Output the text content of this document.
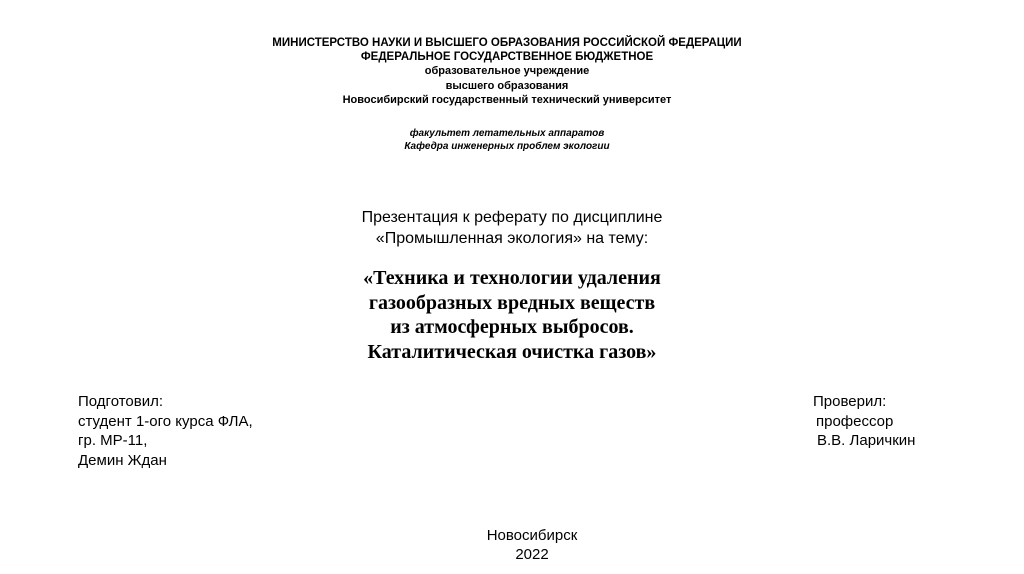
МИНИСТЕРСТВО НАУКИ И ВЫСШЕГО ОБРАЗОВАНИЯ РОССИЙСКОЙ ФЕДЕРАЦИИ
ФЕДЕРАЛЬНОЕ ГОСУДАРСТВЕННОЕ БЮДЖЕТНОЕ
образовательное учреждение
высшего образования
Новосибирский государственный технический университет
факультет летательных аппаратов
Кафедра инженерных проблем экологии
Презентация к реферату по дисциплине
«Промышленная экология» на тему:
«Техника и технологии удаления
газообразных вредных веществ
из атмосферных выбросов.
Каталитическая очистка газов»
Подготовил:
студент 1-ого курса ФЛА,
гр. МР-11,
Демин Ждан
Проверил:
профессор
В.В. Ларичкин
Новосибирск
2022
